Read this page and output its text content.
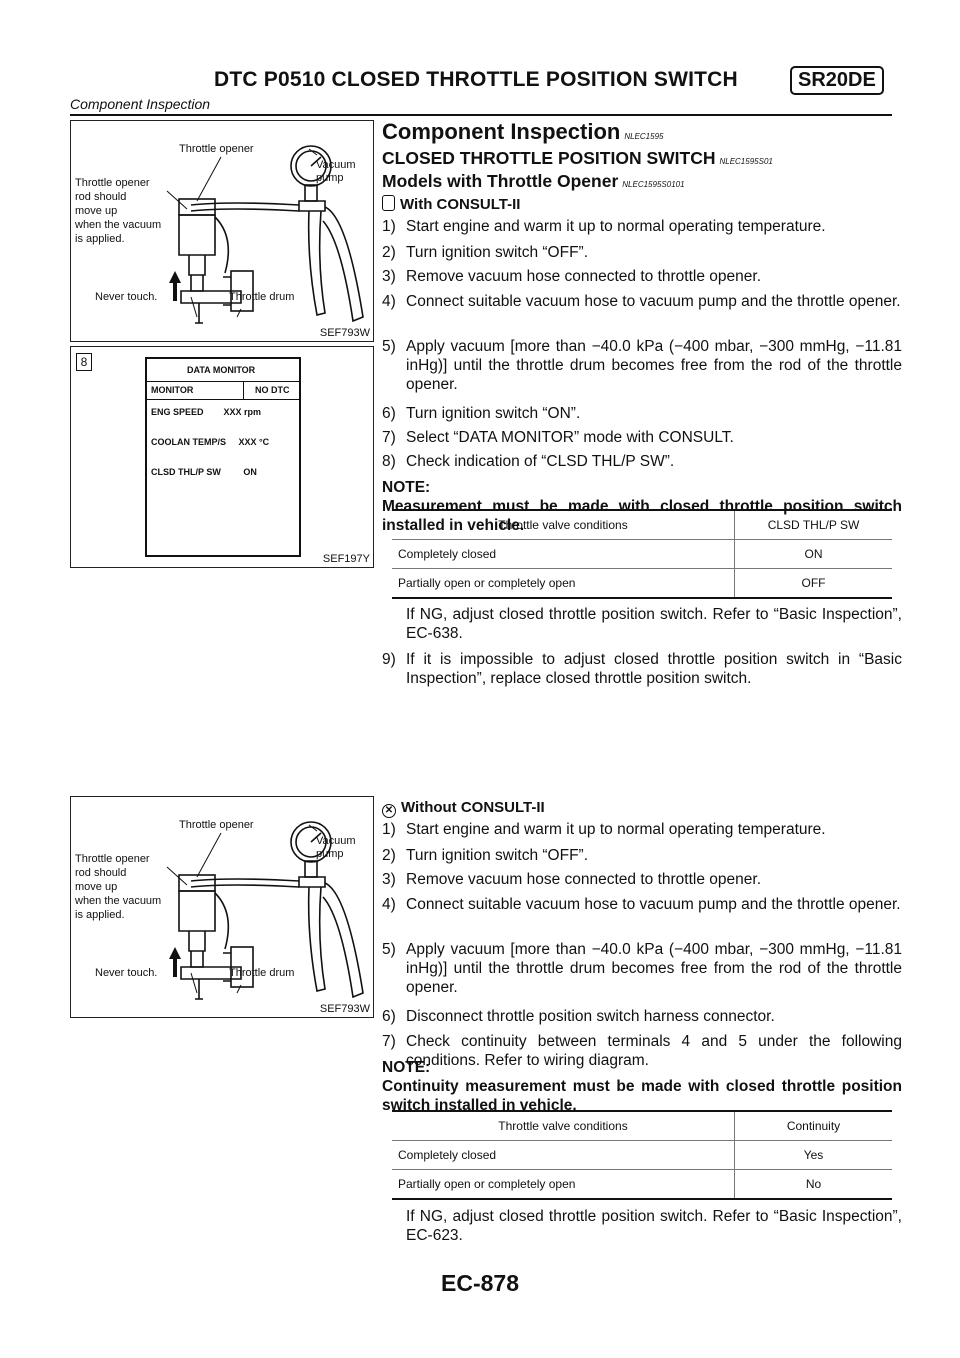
DTC P0510 CLOSED THROTTLE POSITION SWITCH	SR20DE
Component Inspection
Throttle opener
Vacuum
pump
Throttle opener
rod should
move up
when the vacuum
is applied.
Never touch.	Throttle drum
SEF793W
8
SEF197Y
DATA MONITOR
MONITOR	NO DTC
ENG SPEED        XXX rpm
COOLAN TEMP/S     XXX °C
CLSD THL/P SW         ON
Throttle opener
Vacuum
pump
Throttle opener
rod should
move up
when the vacuum
is applied.
Never touch.	Throttle drum
SEF793W
Component Inspection NLEC1595
CLOSED THROTTLE POSITION SWITCH NLEC1595S01
Models with Throttle Opener NLEC1595S0101
With CONSULT-II
1) Start engine and warm it up to normal operating temperature.
2) Turn ignition switch “OFF”.
3) Remove vacuum hose connected to throttle opener.
4) Connect suitable vacuum hose to vacuum pump and the throttle opener.
5) Apply vacuum [more than −40.0 kPa (−400 mbar, −300 mmHg, −11.81 inHg)] until the throttle drum becomes free from the rod of the throttle opener.
6) Turn ignition switch “ON”.
7) Select “DATA MONITOR” mode with CONSULT.
8) Check indication of “CLSD THL/P SW”.
NOTE:
Measurement must be made with closed throttle position switch installed in vehicle.
Throttle valve conditions	CLSD THL/P SW
Completely closed	ON
Partially open or completely open	OFF
If NG, adjust closed throttle position switch. Refer to “Basic Inspection”, EC-638.
9) If it is impossible to adjust closed throttle position switch in “Basic Inspection”, replace closed throttle position switch.
✕ Without CONSULT-II
1) Start engine and warm it up to normal operating temperature.
2) Turn ignition switch “OFF”.
3) Remove vacuum hose connected to throttle opener.
4) Connect suitable vacuum hose to vacuum pump and the throttle opener.
5) Apply vacuum [more than −40.0 kPa (−400 mbar, −300 mmHg, −11.81 inHg)] until the throttle drum becomes free from the rod of the throttle opener.
6) Disconnect throttle position switch harness connector.
7) Check continuity between terminals 4 and 5 under the following conditions. Refer to wiring diagram.
NOTE:
Continuity measurement must be made with closed throttle position switch installed in vehicle.
Throttle valve conditions	Continuity
Completely closed	Yes
Partially open or completely open	No
If NG, adjust closed throttle position switch. Refer to “Basic Inspection”, EC-623.
EC-878
